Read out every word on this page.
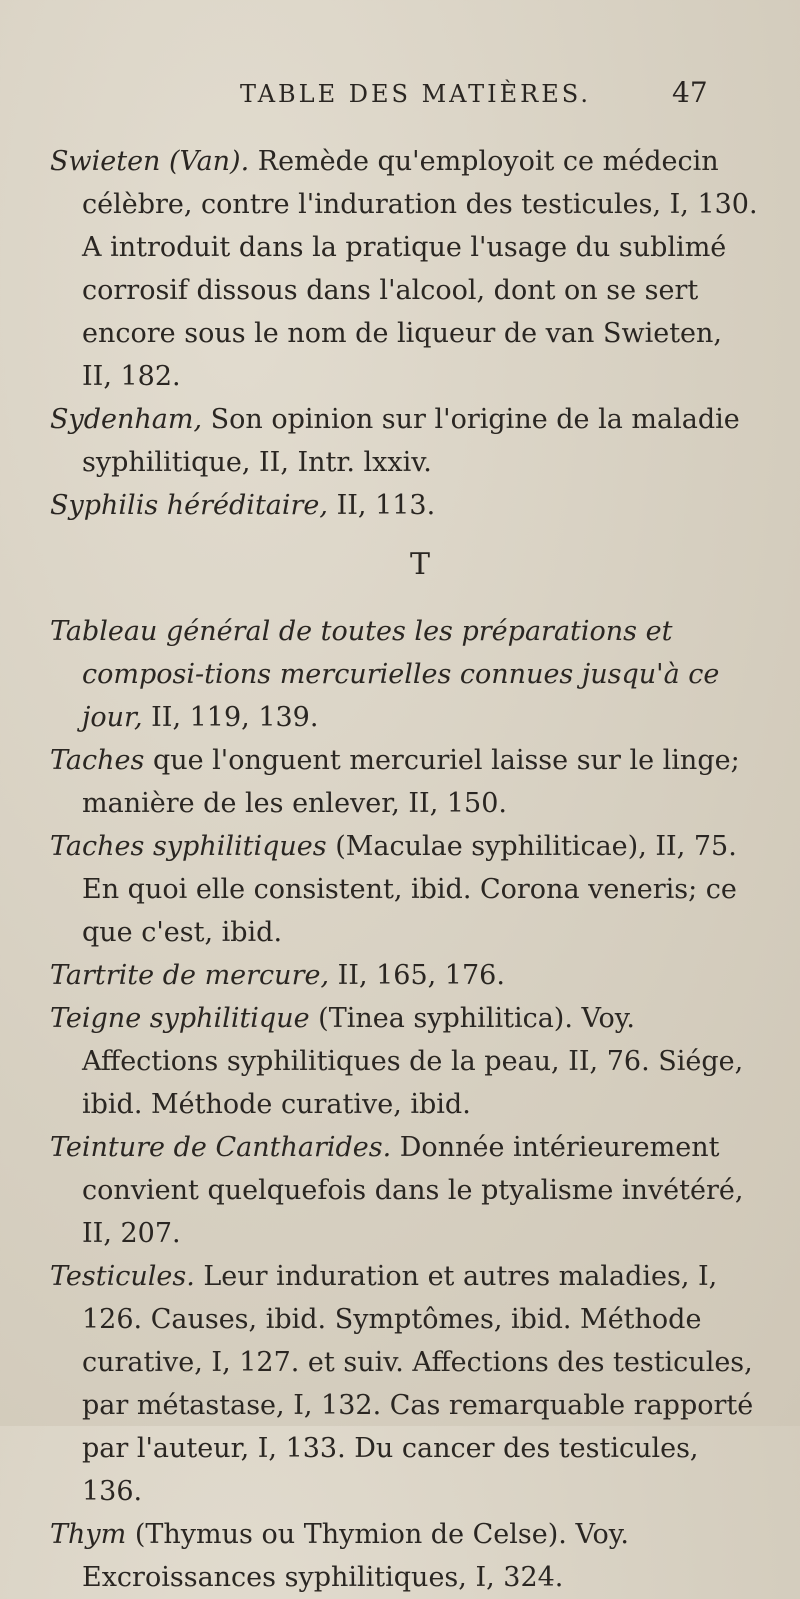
TABLE DES MATIÈRES.	47

Swieten (Van). Remède qu'employoit ce médecin célèbre, contre l'induration des testicules, I, 130. A introduit dans la pratique l'usage du sublimé corrosif dissous dans l'alcool, dont on se sert encore sous le nom de liqueur de van Swieten, II, 182.

Sydenham, Son opinion sur l'origine de la maladie syphilitique, II, Intr. lxxiv.

Syphilis héréditaire, II, 113.

T

Tableau général de toutes les préparations et composi-tions mercurielles connues jusqu'à ce jour, II, 119, 139.

Taches que l'onguent mercuriel laisse sur le linge; manière de les enlever, II, 150.

Taches syphilitiques (Maculae syphiliticae), II, 75. En quoi elle consistent, ibid. Corona veneris; ce que c'est, ibid.

Tartrite de mercure, II, 165, 176.

Teigne syphilitique (Tinea syphilitica). Voy. Affections syphilitiques de la peau, II, 76. Siége, ibid. Méthode curative, ibid.

Teinture de Cantharides. Donnée intérieurement convient quelquefois dans le ptyalisme invétéré, II, 207.

Testicules. Leur induration et autres maladies, I, 126. Causes, ibid. Symptômes, ibid. Méthode curative, I, 127. et suiv. Affections des testicules, par métastase, I, 132. Cas remarquable rapporté par l'auteur, I, 133. Du cancer des testicules, 136.

Thym (Thymus ou Thymion de Celse). Voy. Excroissances syphilitiques, I, 324.
